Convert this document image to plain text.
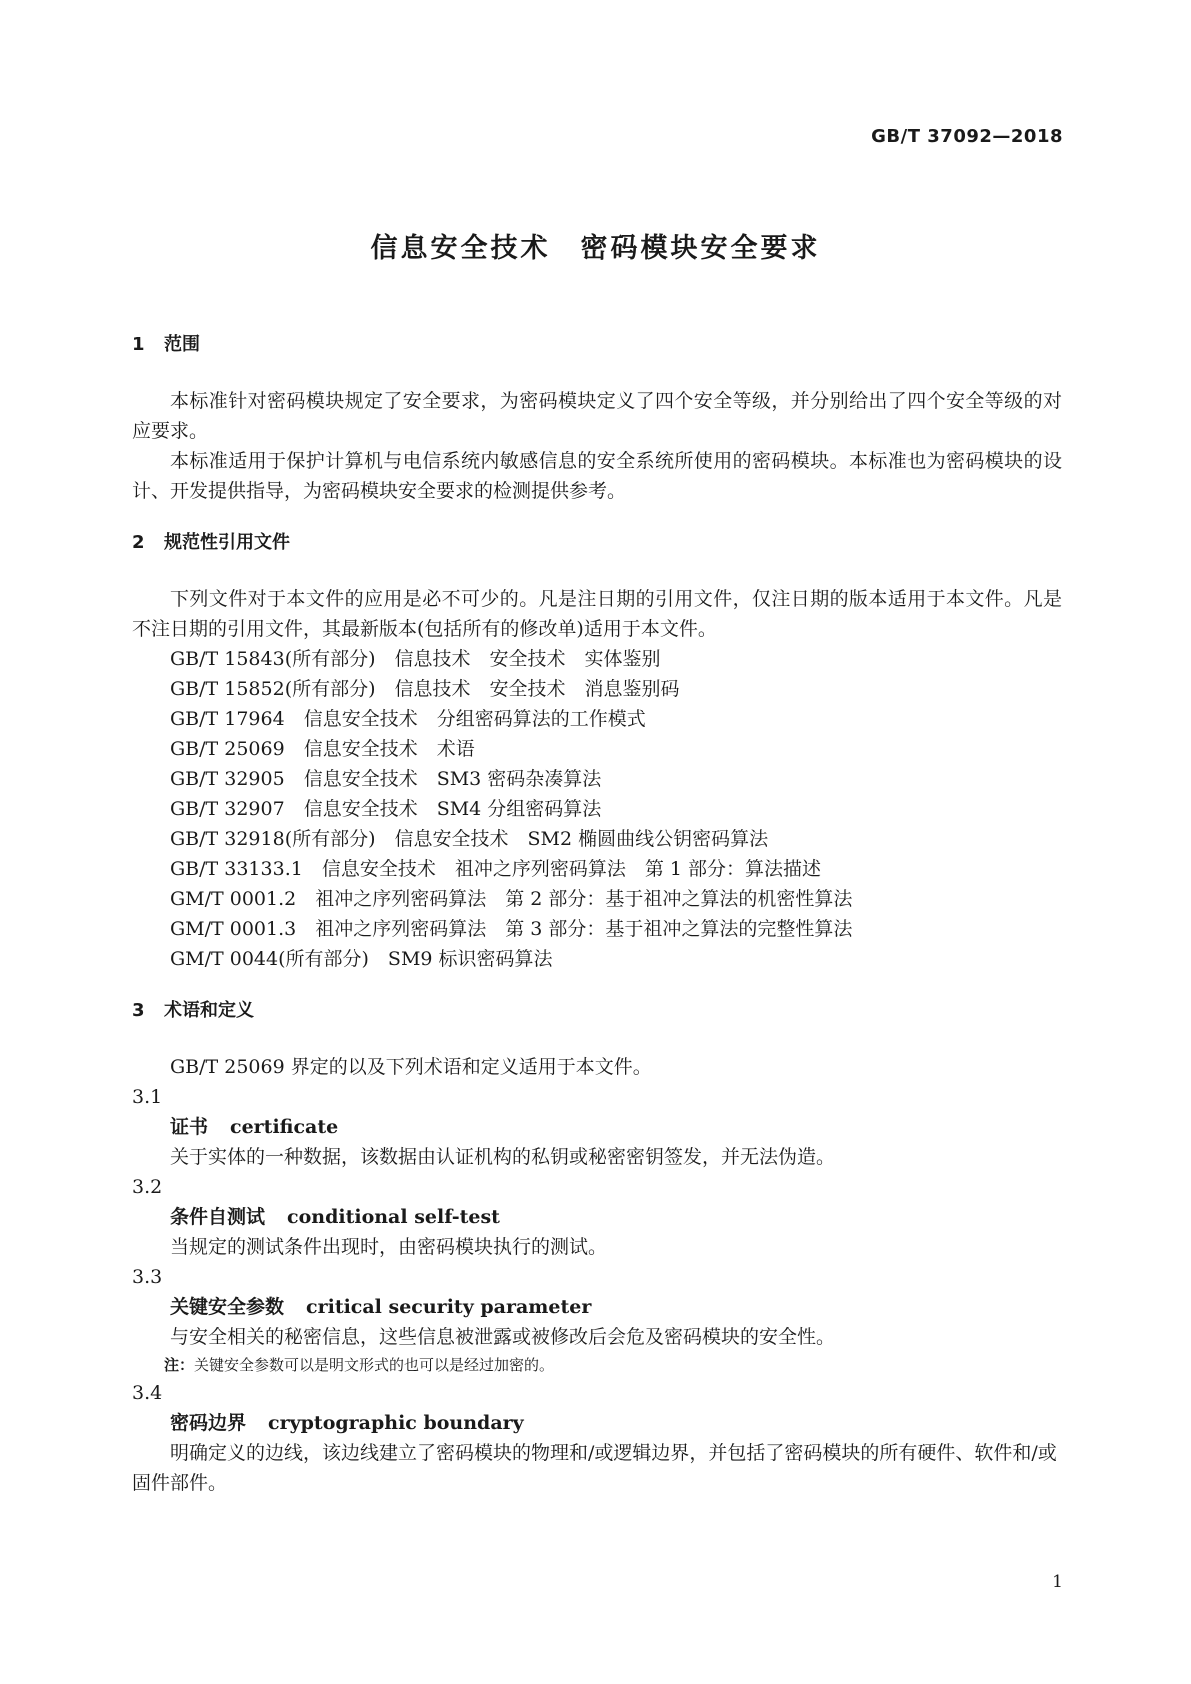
GB/T 37092—2018
信息安全技术　密码模块安全要求
1 范围

本标准针对密码模块规定了安全要求，为密码模块定义了四个安全等级，并分别给出了四个安全等级的对应要求。

本标准适用于保护计算机与电信系统内敏感信息的安全系统所使用的密码模块。本标准也为密码模块的设计、开发提供指导，为密码模块安全要求的检测提供参考。

2 规范性引用文件

下列文件对于本文件的应用是必不可少的。凡是注日期的引用文件，仅注日期的版本适用于本文件。凡是不注日期的引用文件，其最新版本(包括所有的修改单)适用于本文件。

GB/T 15843(所有部分)　信息技术　安全技术　实体鉴别
GB/T 15852(所有部分)　信息技术　安全技术　消息鉴别码
GB/T 17964　信息安全技术　分组密码算法的工作模式
GB/T 25069　信息安全技术　术语
GB/T 32905　信息安全技术　SM3 密码杂凑算法
GB/T 32907　信息安全技术　SM4 分组密码算法
GB/T 32918(所有部分)　信息安全技术　SM2 椭圆曲线公钥密码算法
GB/T 33133.1　信息安全技术　祖冲之序列密码算法　第 1 部分：算法描述
GM/T 0001.2　祖冲之序列密码算法　第 2 部分：基于祖冲之算法的机密性算法
GM/T 0001.3　祖冲之序列密码算法　第 3 部分：基于祖冲之算法的完整性算法
GM/T 0044(所有部分)　SM9 标识密码算法
3 术语和定义

GB/T 25069 界定的以及下列术语和定义适用于本文件。

3.1

证书 certificate

关于实体的一种数据，该数据由认证机构的私钥或秘密密钥签发，并无法伪造。

3.2

条件自测试 conditional self-test

当规定的测试条件出现时，由密码模块执行的测试。

3.3

关键安全参数 critical security parameter

与安全相关的秘密信息，这些信息被泄露或被修改后会危及密码模块的安全性。

注：关键安全参数可以是明文形式的也可以是经过加密的。

3.4

密码边界 cryptographic boundary

明确定义的边线，该边线建立了密码模块的物理和/或逻辑边界，并包括了密码模块的所有硬件、软件和/或固件部件。

1
